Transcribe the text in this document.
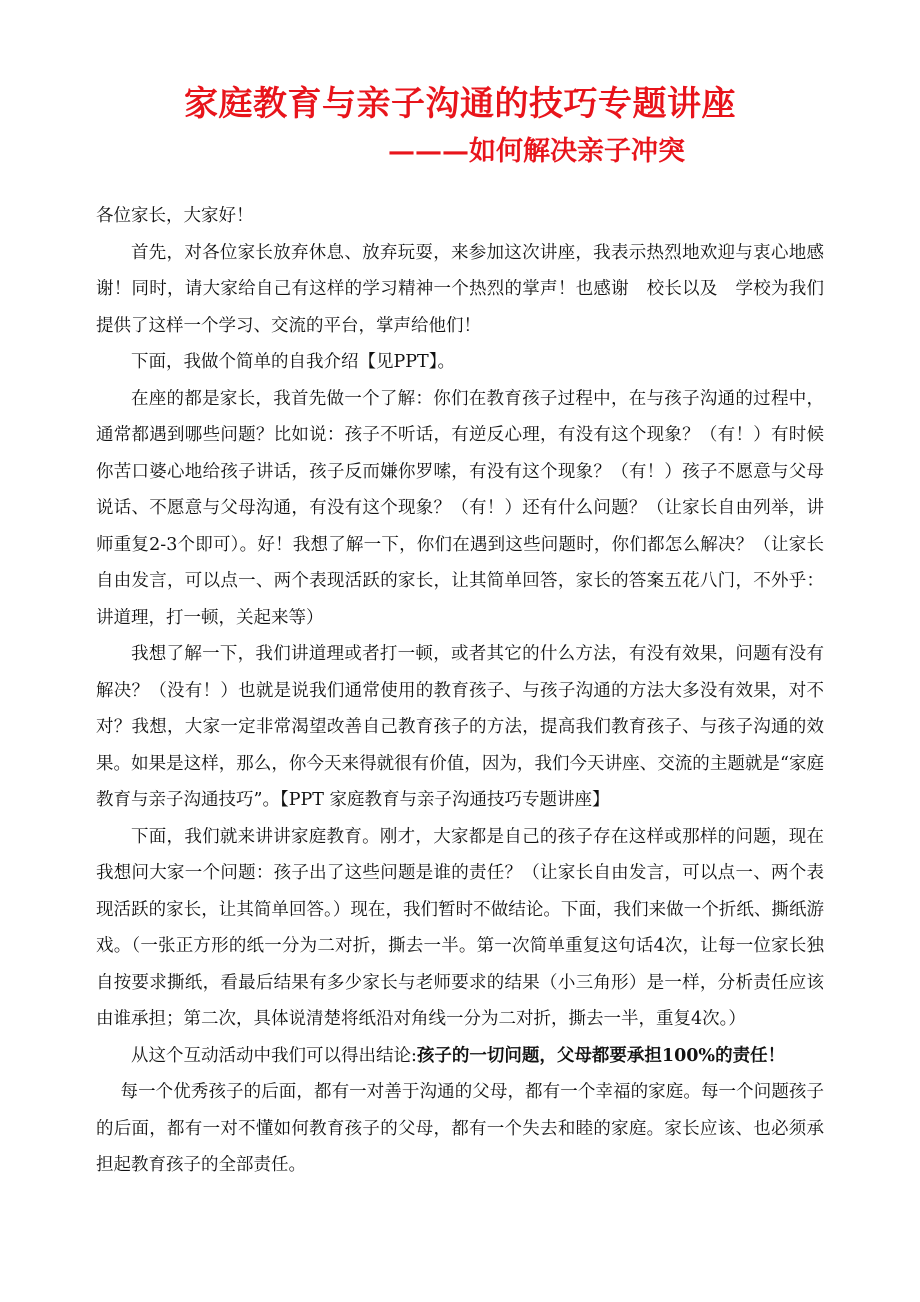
家庭教育与亲子沟通的技巧专题讲座
———如何解决亲子冲突

各位家长，大家好！

首先，对各位家长放弃休息、放弃玩耍，来参加这次讲座，我表示热烈地欢迎与衷心地感谢！同时，请大家给自己有这样的学习精神一个热烈的掌声！也感谢　校长以及　学校为我们提供了这样一个学习、交流的平台，掌声给他们！

下面，我做个简单的自我介绍【见PPT】。

在座的都是家长，我首先做一个了解：你们在教育孩子过程中，在与孩子沟通的过程中，通常都遇到哪些问题？比如说：孩子不听话，有逆反心理，有没有这个现象？（有！）有时候你苦口婆心地给孩子讲话，孩子反而嫌你罗嗦，有没有这个现象？（有！）孩子不愿意与父母说话、不愿意与父母沟通，有没有这个现象？（有！）还有什么问题？（让家长自由列举，讲师重复2-3个即可）。好！我想了解一下，你们在遇到这些问题时，你们都怎么解决？（让家长自由发言，可以点一、两个表现活跃的家长，让其简单回答，家长的答案五花八门，不外乎：讲道理，打一顿，关起来等）

我想了解一下，我们讲道理或者打一顿，或者其它的什么方法，有没有效果，问题有没有解决？（没有！）也就是说我们通常使用的教育孩子、与孩子沟通的方法大多没有效果，对不对？我想，大家一定非常渴望改善自己教育孩子的方法，提高我们教育孩子、与孩子沟通的效果。如果是这样，那么，你今天来得就很有价值，因为，我们今天讲座、交流的主题就是“家庭教育与亲子沟通技巧”。【PPT 家庭教育与亲子沟通技巧专题讲座】

下面，我们就来讲讲家庭教育。刚才，大家都是自己的孩子存在这样或那样的问题，现在我想问大家一个问题：孩子出了这些问题是谁的责任？（让家长自由发言，可以点一、两个表现活跃的家长，让其简单回答。）现在，我们暂时不做结论。下面，我们来做一个折纸、撕纸游戏。（一张正方形的纸一分为二对折，撕去一半。第一次简单重复这句话4次，让每一位家长独自按要求撕纸，看最后结果有多少家长与老师要求的结果（小三角形）是一样，分析责任应该由谁承担；第二次，具体说清楚将纸沿对角线一分为二对折，撕去一半，重复4次。）

从这个互动活动中我们可以得出结论:孩子的一切问题，父母都要承担100%的责任！

每一个优秀孩子的后面，都有一对善于沟通的父母，都有一个幸福的家庭。每一个问题孩子的后面，都有一对不懂如何教育孩子的父母，都有一个失去和睦的家庭。家长应该、也必须承担起教育孩子的全部责任。
